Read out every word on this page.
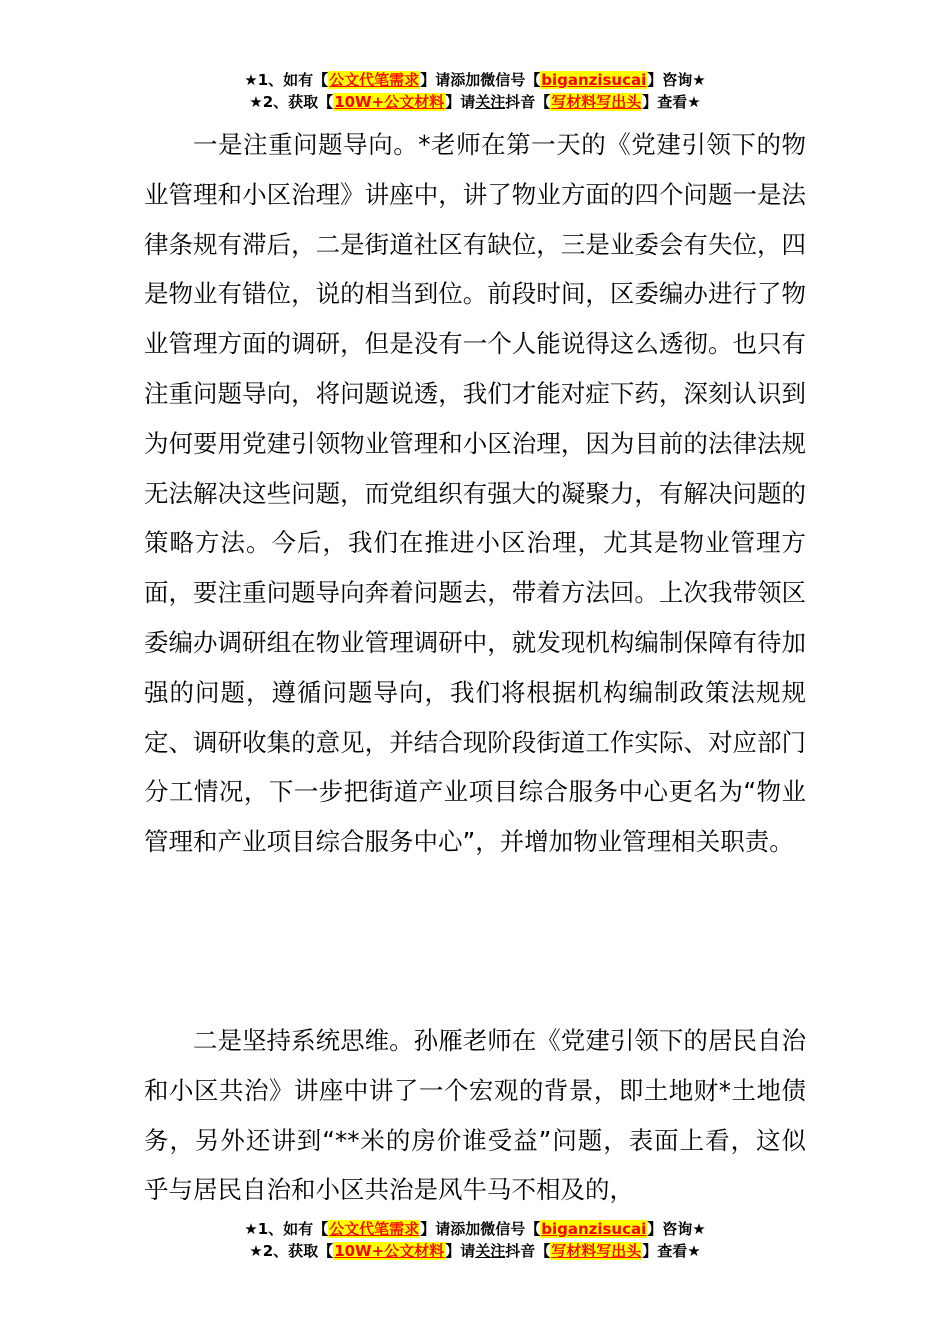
★1、如有【公文代笔需求】请添加微信号【biganzisucai】咨询★
★2、获取【10W+公文材料】请关注抖音【写材料写出头】查看★

一是注重问题导向。*老师在第一天的《党建引领下的物业管理和小区治理》讲座中，讲了物业方面的四个问题一是法律条规有滞后，二是街道社区有缺位，三是业委会有失位，四是物业有错位，说的相当到位。前段时间，区委编办进行了物业管理方面的调研，但是没有一个人能说得这么透彻。也只有注重问题导向，将问题说透，我们才能对症下药，深刻认识到为何要用党建引领物业管理和小区治理，因为目前的法律法规无法解决这些问题，而党组织有强大的凝聚力，有解决问题的策略方法。今后，我们在推进小区治理，尤其是物业管理方面，要注重问题导向奔着问题去，带着方法回。上次我带领区委编办调研组在物业管理调研中，就发现机构编制保障有待加强的问题，遵循问题导向，我们将根据机构编制政策法规规定、调研收集的意见，并结合现阶段街道工作实际、对应部门分工情况，下一步把街道产业项目综合服务中心更名为“物业管理和产业项目综合服务中心”，并增加物业管理相关职责。

二是坚持系统思维。孙雁老师在《党建引领下的居民自治和小区共治》讲座中讲了一个宏观的背景，即土地财*土地债务，另外还讲到“**米的房价谁受益”问题，表面上看，这似乎与居民自治和小区共治是风牛马不相及的，

★1、如有【公文代笔需求】请添加微信号【biganzisucai】咨询★
★2、获取【10W+公文材料】请关注抖音【写材料写出头】查看★
